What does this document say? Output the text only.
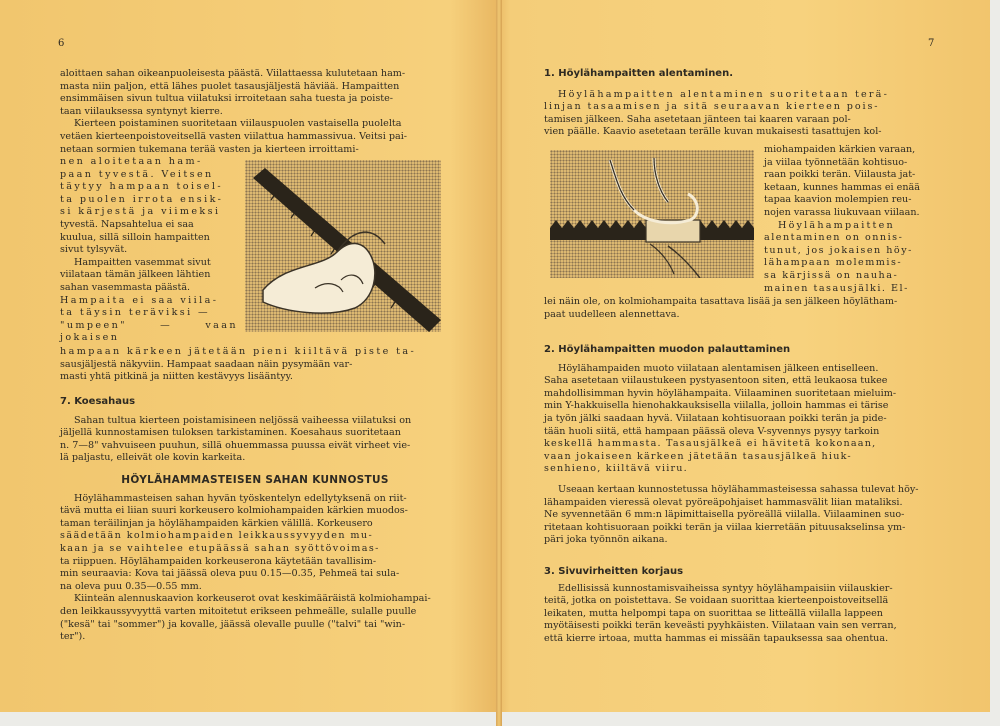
6

aloittaen sahan oikeanpuoleisesta päästä. Viilattaessa kulutetaan ham-

masta niin paljon, että lähes puolet tasausjäljestä häviää. Hampaitten

ensimmäisen sivun tultua viilatuksi irroitetaan saha tuesta ja poiste-

taan viilauksessa syntynyt kierre.

Kierteen poistaminen suoritetaan viilauspuolen vastaisella puolelta

vetäen kierteenpoistoveitsellä vasten viilattua hammassivua. Veitsi pai-

netaan sormien tukemana terää vasten ja kierteen irroittami-

nen aloitetaan ham-

paan tyvestä. Veitsen

täytyy hampaan toisel-

ta puolen irrota ensik-

si kärjestä ja viimeksi

tyvestä. Napsahtelua ei saa

kuulua, sillä silloin hampaitten

sivut tylsyvät.

Hampaitten vasemmat sivut

viilataan tämän jälkeen lähtien

sahan vasemmasta päästä.

Hampaita ei saa viila-

ta täysin teräviksi —

"umpeen" — vaan jokaisen

hampaan kärkeen jätetään pieni kiiltävä piste ta-

sausjäljestä näkyviin. Hampaat saadaan näin pysymään var-

masti yhtä pitkinä ja niitten kestävyys lisääntyy.

7. Koesahaus

Sahan tultua kierteen poistamisineen neljössä vaiheessa viilatuksi on

jäljellä kunnostamisen tuloksen tarkistaminen. Koesahaus suoritetaan

n. 7—8" vahvuiseen puuhun, sillä ohuemmassa puussa eivät virheet vie-

lä paljastu, elleivät ole kovin karkeita.

HÖYLÄHAMMASTEISEN SAHAN KUNNOSTUS

Höylähammasteisen sahan hyvän työskentelyn edellytyksenä on riit-

tävä mutta ei liian suuri korkeusero kolmiohampaiden kärkien muodos-

taman teräilinjan ja höylähampaiden kärkien välillä. Korkeusero

säädetään kolmiohampaiden leikkaussyvyyden mu-

kaan ja se vaihtelee etupäässä sahan syöttövoimas-

ta riippuen. Höylähampaiden korkeuserona käytetään tavallisim-

min seuraavia: Kova tai jäässä oleva puu 0.15—0.35, Pehmeä tai sula-

na oleva puu 0.35—0.55 mm.

Kiinteän alennuskaavion korkeuserot ovat keskimääräistä kolmiohampai-

den leikkaussyvyyttä varten mitoitetut erikseen pehmeälle, sulalle puulle

("kesä" tai "sommer") ja kovalle, jäässä olevalle puulle ("talvi" tai "win-

ter").

7

1. Höylähampaitten alentaminen.

Höylähampaitten alentaminen suoritetaan terä-

linjan tasaamisen ja sitä seuraavan kierteen pois-

tamisen jälkeen. Saha asetetaan jänteen tai kaaren varaan pol-

vien päälle. Kaavio asetetaan terälle kuvan mukaisesti tasattujen kol-

miohampaiden kärkien varaan,

ja viilaa työnnetään kohtisuo-

raan poikki terän. Viilausta jat-

ketaan, kunnes hammas ei enää

tapaa kaavion molempien reu-

nojen varassa liukuvaan viilaan.

Höylähampaitten

alentaminen on onnis-

tunut, jos jokaisen höy-

lähampaan molemmis-

sa kärjissä on nauha-

mainen tasausjälki. El-

lei näin ole, on kolmiohampaita tasattava lisää ja sen jälkeen höylätham-

paat uudelleen alennettava.

2. Höylähampaitten muodon palauttaminen

Höylähampaiden muoto viilataan alentamisen jälkeen entiselleen.

Saha asetetaan viilaustukeen pystyasentoon siten, että leukaosa tukee

mahdollisimman hyvin höylähampaita. Viilaaminen suoritetaan mieluim-

min Y-hakkuisella hienohakkauksisella viilalla, jolloin hammas ei tärise

ja työn jälki saadaan hyvä. Viilataan kohtisuoraan poikki terän ja pide-

tään huoli siitä, että hampaan päässä oleva V-syvennys pysyy tarkoin

keskellä hammasta. Tasausjälkeä ei hävitetä kokonaan,

vaan jokaiseen kärkeen jätetään tasausjälkeä hiuk-

senhieno, kiiltävä viiru.

Useaan kertaan kunnostetussa höylähammasteisessa sahassa tulevat höy-

lähampaiden vieressä olevat pyöreäpohjaiset hammasvälit liian mataliksi.

Ne syvennetään 6 mm:n läpimittaisella pyöreällä viilalla. Viilaaminen suo-

ritetaan kohtisuoraan poikki terän ja viilaa kierretään pituusakselinsa ym-

päri joka työnnön aikana.

3. Sivuvirheitten korjaus

Edellisissä kunnostamisvaiheissa syntyy höylähampaisiin viilauskier-

teitä, jotka on poistettava. Se voidaan suorittaa kierteenpoistoveitsellä

leikaten, mutta helpompi tapa on suorittaa se litteällä viilalla lappeen

myötäisesti poikki terän keveästi pyyhkäisten. Viilataan vain sen verran,

että kierre irtoaa, mutta hammas ei missään tapauksessa saa ohentua.
